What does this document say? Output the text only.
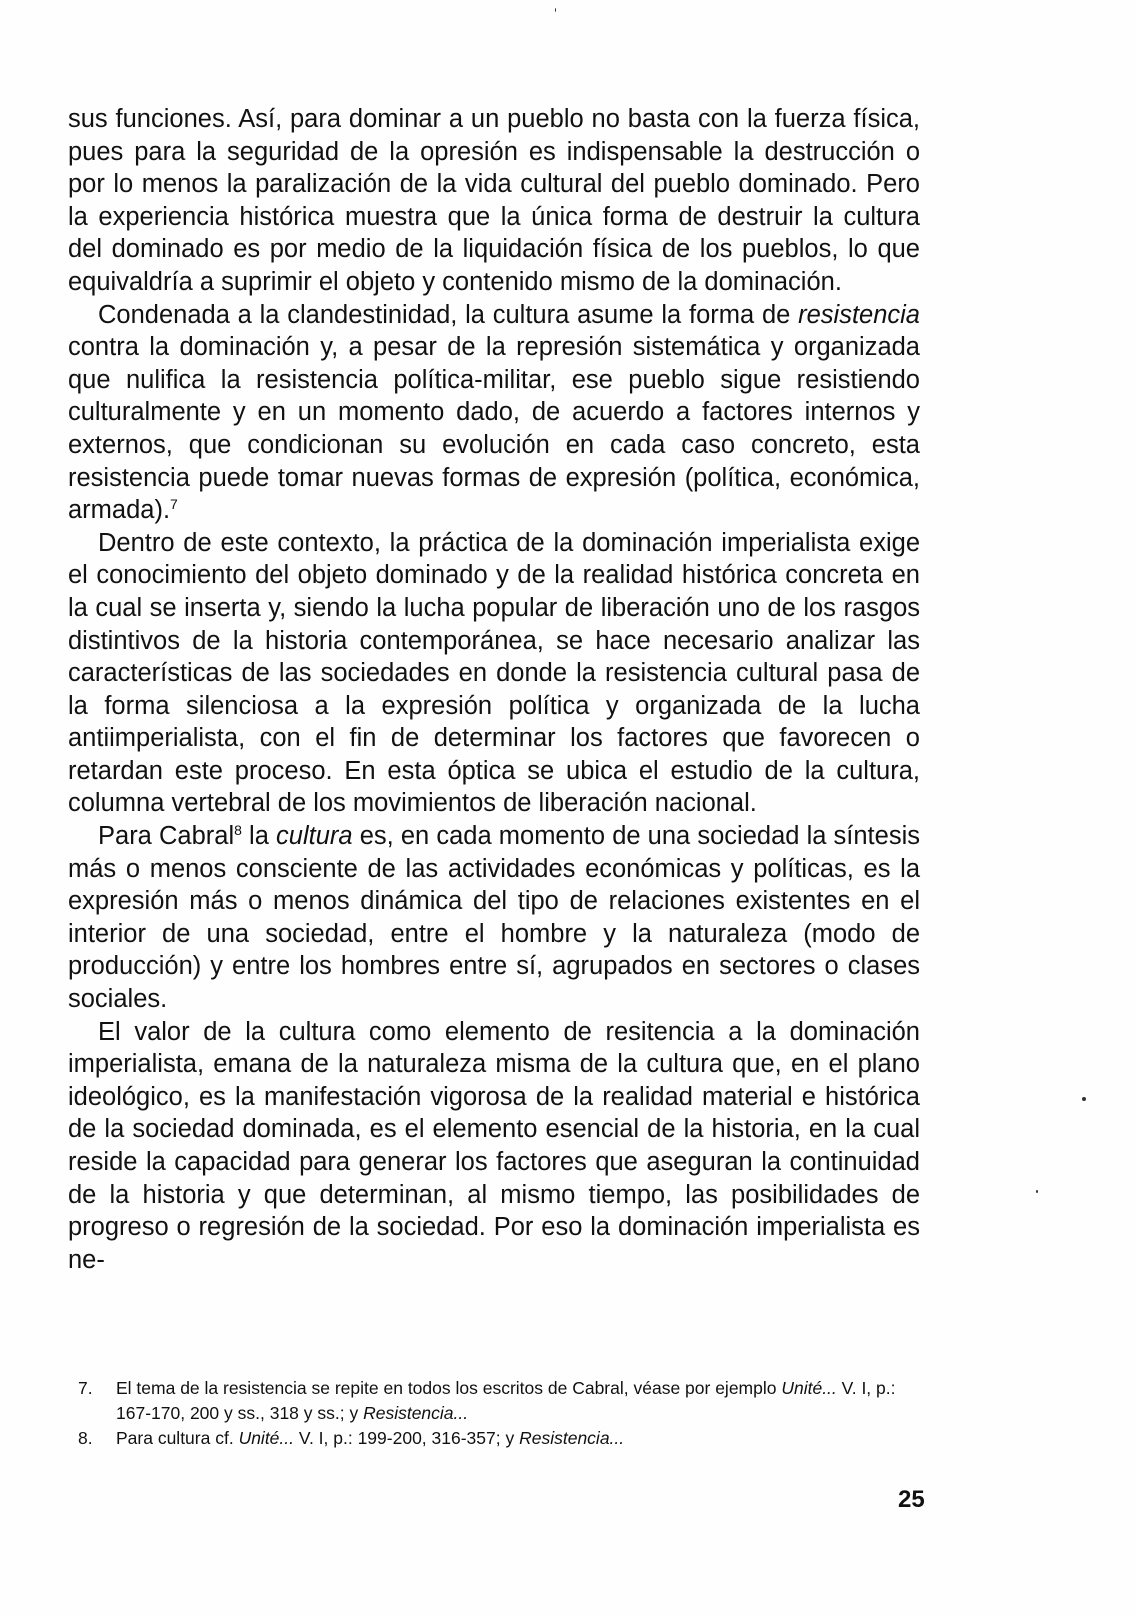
sus funciones. Así, para dominar a un pueblo no basta con la fuerza física, pues para la seguridad de la opresión es indispensable la destrucción o por lo menos la paralización de la vida cultural del pueblo dominado. Pero la experiencia histórica muestra que la única forma de destruir la cultura del dominado es por medio de la liquidación física de los pueblos, lo que equivaldría a suprimir el objeto y contenido mismo de la dominación.

Condenada a la clandestinidad, la cultura asume la forma de resistencia contra la dominación y, a pesar de la represión sistemática y organizada que nulifica la resistencia política-militar, ese pueblo sigue resistiendo culturalmente y en un momento dado, de acuerdo a factores internos y externos, que condicionan su evolución en cada caso concreto, esta resistencia puede tomar nuevas formas de expresión (política, económica, armada).$^7$

Dentro de este contexto, la práctica de la dominación imperialista exige el conocimiento del objeto dominado y de la realidad histórica concreta en la cual se inserta y, siendo la lucha popular de liberación uno de los rasgos distintivos de la historia contemporánea, se hace necesario analizar las características de las sociedades en donde la resistencia cultural pasa de la forma silenciosa a la expresión política y organizada de la lucha antiimperialista, con el fin de determinar los factores que favorecen o retardan este proceso. En esta óptica se ubica el estudio de la cultura, columna vertebral de los movimientos de liberación nacional.

Para Cabral$^8$ la cultura es, en cada momento de una sociedad la síntesis más o menos consciente de las actividades económicas y políticas, es la expresión más o menos dinámica del tipo de relaciones existentes en el interior de una sociedad, entre el hombre y la naturaleza (modo de producción) y entre los hombres entre sí, agrupados en sectores o clases sociales.

El valor de la cultura como elemento de resitencia a la dominación imperialista, emana de la naturaleza misma de la cultura que, en el plano ideológico, es la manifestación vigorosa de la realidad material e histórica de la sociedad dominada, es el elemento esencial de la historia, en la cual reside la capacidad para generar los factores que aseguran la continuidad de la historia y que determinan, al mismo tiempo, las posibilidades de progreso o regresión de la sociedad. Por eso la dominación imperialista es ne-

7. El tema de la resistencia se repite en todos los escritos de Cabral, véase por ejemplo Unité... V. I, p.: 167-170, 200 y ss., 318 y ss.; y Resistencia...

8. Para cultura cf. Unité... V. I, p.: 199-200, 316-357; y Resistencia...

25
